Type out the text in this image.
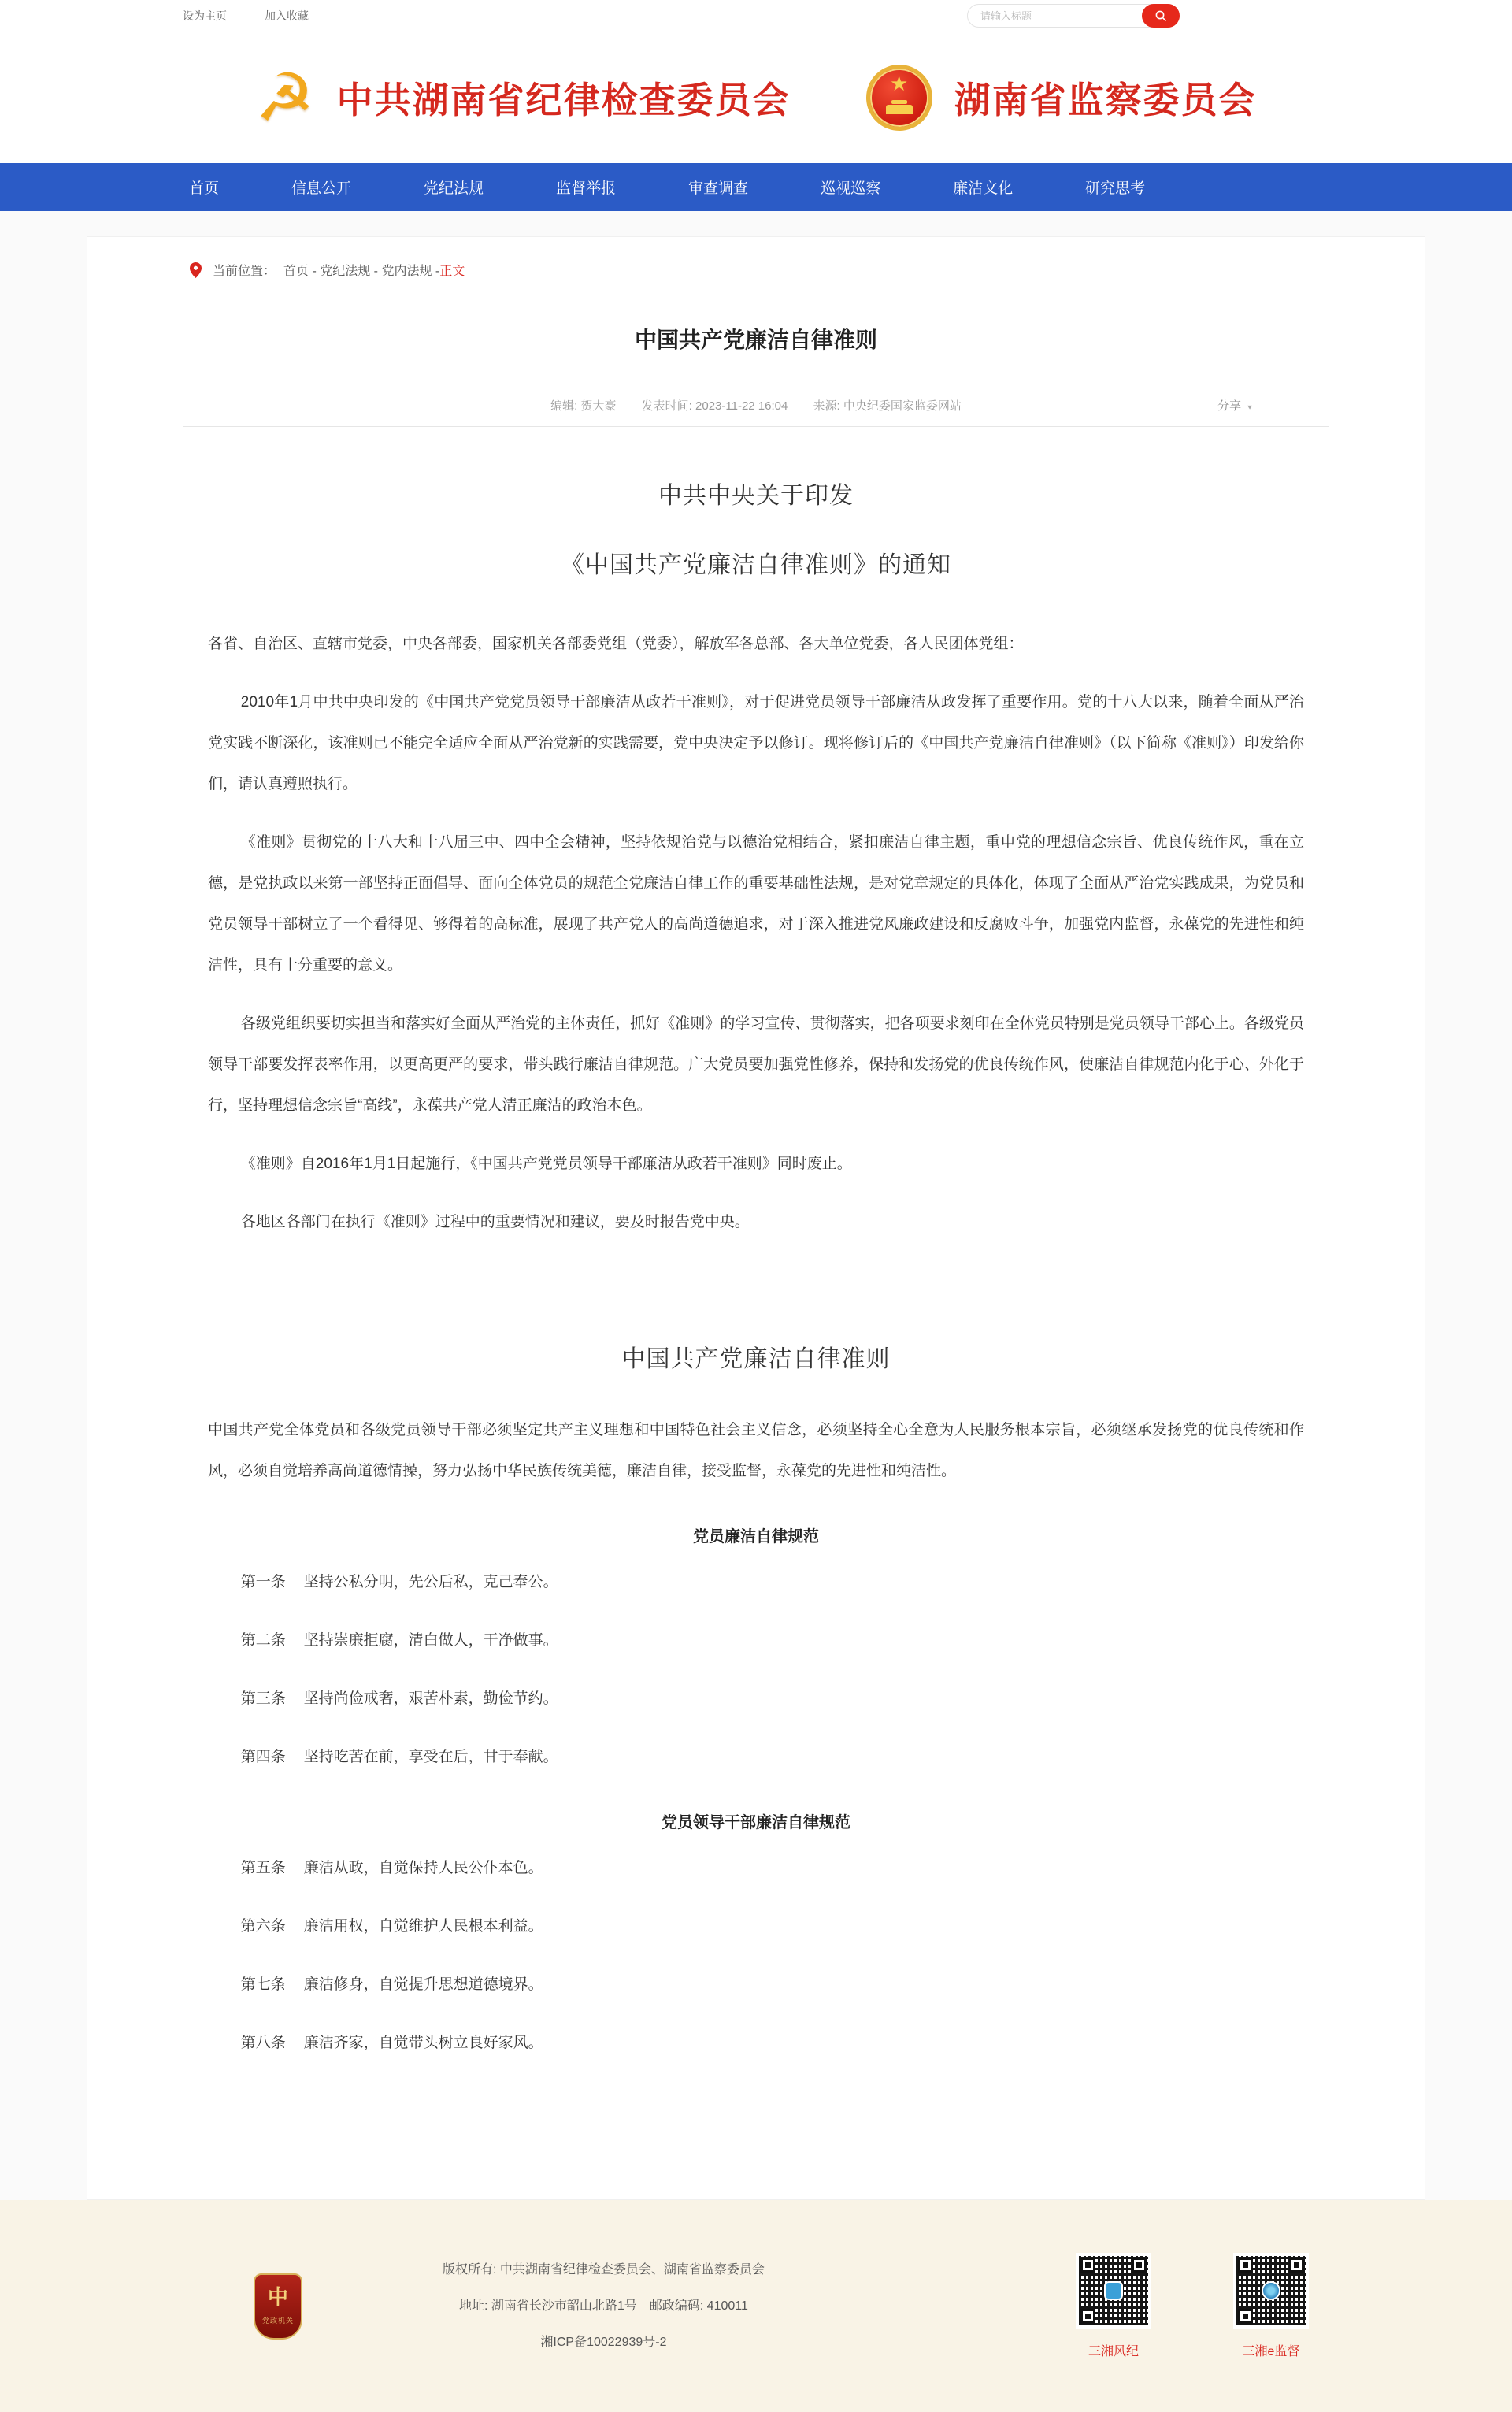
设为主页	加入收藏
请输入标题
☭ 中共湖南省纪律检查委员会	★ 湖南省监察委员会
首页	信息公开	党纪法规	监督举报	审查调查	巡视巡察	廉洁文化	研究思考
当前位置： 首页 - 党纪法规 - 党内法规 - 正文
中国共产党廉洁自律准则
编辑: 贺大豪 发表时间: 2023-11-22 16:04 来源: 中央纪委国家监委网站	分享 ▼
中共中央关于印发
《中国共产党廉洁自律准则》的通知

各省、自治区、直辖市党委，中央各部委，国家机关各部委党组（党委），解放军各总部、各大单位党委，各人民团体党组：

2010年1月中共中央印发的《中国共产党党员领导干部廉洁从政若干准则》，对于促进党员领导干部廉洁从政发挥了重要作用。党的十八大以来，随着全面从严治党实践不断深化，该准则已不能完全适应全面从严治党新的实践需要，党中央决定予以修订。现将修订后的《中国共产党廉洁自律准则》（以下简称《准则》）印发给你们，请认真遵照执行。

《准则》贯彻党的十八大和十八届三中、四中全会精神，坚持依规治党与以德治党相结合，紧扣廉洁自律主题，重申党的理想信念宗旨、优良传统作风，重在立德，是党执政以来第一部坚持正面倡导、面向全体党员的规范全党廉洁自律工作的重要基础性法规，是对党章规定的具体化，体现了全面从严治党实践成果，为党员和党员领导干部树立了一个看得见、够得着的高标准，展现了共产党人的高尚道德追求，对于深入推进党风廉政建设和反腐败斗争，加强党内监督，永葆党的先进性和纯洁性，具有十分重要的意义。

各级党组织要切实担当和落实好全面从严治党的主体责任，抓好《准则》的学习宣传、贯彻落实，把各项要求刻印在全体党员特别是党员领导干部心上。各级党员领导干部要发挥表率作用，以更高更严的要求，带头践行廉洁自律规范。广大党员要加强党性修养，保持和发扬党的优良传统作风，使廉洁自律规范内化于心、外化于行，坚持理想信念宗旨“高线”，永葆共产党人清正廉洁的政治本色。

《准则》自2016年1月1日起施行，《中国共产党党员领导干部廉洁从政若干准则》同时废止。

各地区各部门在执行《准则》过程中的重要情况和建议，要及时报告党中央。

中国共产党廉洁自律准则

中国共产党全体党员和各级党员领导干部必须坚定共产主义理想和中国特色社会主义信念，必须坚持全心全意为人民服务根本宗旨，必须继承发扬党的优良传统和作风，必须自觉培养高尚道德情操，努力弘扬中华民族传统美德，廉洁自律，接受监督，永葆党的先进性和纯洁性。

党员廉洁自律规范

第一条 坚持公私分明，先公后私，克己奉公。

第二条 坚持崇廉拒腐，清白做人，干净做事。

第三条 坚持尚俭戒奢，艰苦朴素，勤俭节约。

第四条 坚持吃苦在前，享受在后，甘于奉献。

党员领导干部廉洁自律规范

第五条 廉洁从政，自觉保持人民公仆本色。

第六条 廉洁用权，自觉维护人民根本利益。

第七条 廉洁修身，自觉提升思想道德境界。

第八条 廉洁齐家，自觉带头树立良好家风。

中
党政机关
版权所有: 中共湖南省纪律检查委员会、湖南省监察委员会
地址: 湖南省长沙市韶山北路1号　邮政编码: 410011
湘ICP备10022939号-2
三湘风纪	三湘e监督
